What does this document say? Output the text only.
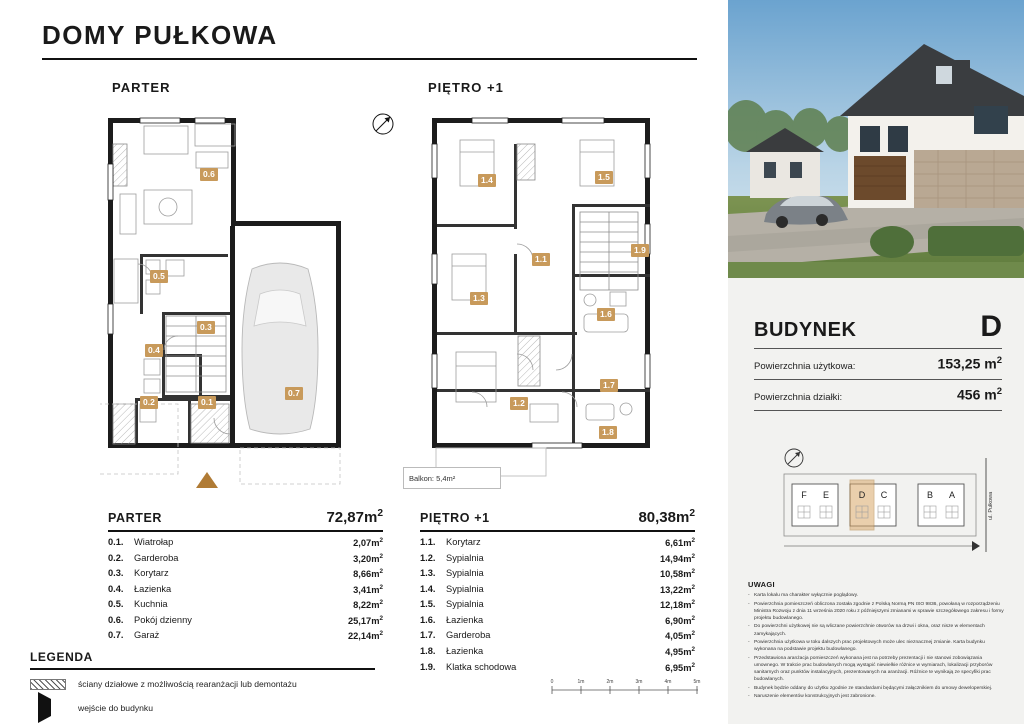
DOMY PUŁKOWA
PARTER	PIĘTRO +1
0.6
0.5
0.3
0.4
0.2	0.1
0.7
1.4	1.5
1.9
1.1
1.3
1.6
1.7
1.2
1.8
Balkon: 5,4m²
PARTER	$72,87m^2$
0.1.	Wiatrołap	$2,07m^2$
0.2.	Garderoba	$3,20m^2$
0.3.	Korytarz	$8,66m^2$
0.4.	Łazienka	$3,41m^2$
0.5.	Kuchnia	$8,22m^2$
0.6.	Pokój dzienny	$25,17m^2$
0.7.	Garaż	$22,14m^2$
PIĘTRO +1	$80,38m^2$
1.1.	Korytarz	$6,61m^2$
1.2.	Sypialnia	$14,94m^2$
1.3.	Sypialnia	$10,58m^2$
1.4.	Sypialnia	$13,22m^2$
1.5.	Sypialnia	$12,18m^2$
1.6.	Łazienka	$6,90m^2$
1.7.	Garderoba	$4,05m^2$
1.8.	Łazienka	$4,95m^2$
1.9.	Klatka schodowa	$6,95m^2$
LEGENDA
ściany działowe z możliwością rearanżacji lub demontażu
wejście do budynku
0	1m	2m	3m	4m	5m
BUDYNEK	D
Powierzchnia użytkowa:	153,25 $m^2$
Powierzchnia działki:	456 $m^2$
F E	D C	B A	ul. Pułkowa
UWAGI
- Karta lokalu ma charakter wyłącznie poglądowy.
- Powierzchnia pomieszczeń obliczona została zgodnie z Polską Normą PN ISO 9836, powołaną w rozporządzeniu Ministra Rozwoju z dnia 11 września 2020 roku z późniejszymi zmianami w sprawie szczegółowego zakresu i formy projektu budowlanego.
- Do powierzchni użytkowej nie są wliczane powierzchnie otworów na drzwi i okna, oraz nisze w elementach zamykających.
- Powierzchnia użytkowa w toku dalszych prac projektowych może ulec nieznacznej zmianie. Karta budynku wykonana na podstawie projektu budowlanego.
- Przedstawiona aranżacja pomieszczeń wykonana jest na potrzeby prezentacji i nie stanowi zobowiązania umownego. W trakcie prac budowlanych mogą wystąpić niewielkie różnice w wymiarach, lokalizacji przyborów sanitarnych oraz punktów instalacyjnych, prezentowanych na aranżacji. Różnice te wynikają ze specyfiki prac budowlanych.
- Budynek będzie oddany do użytku zgodnie ze standardami będącymi załącznikiem do umowy deweloperskiej.
- Naruszenie elementów konstrukcyjnych jest zabronione.
